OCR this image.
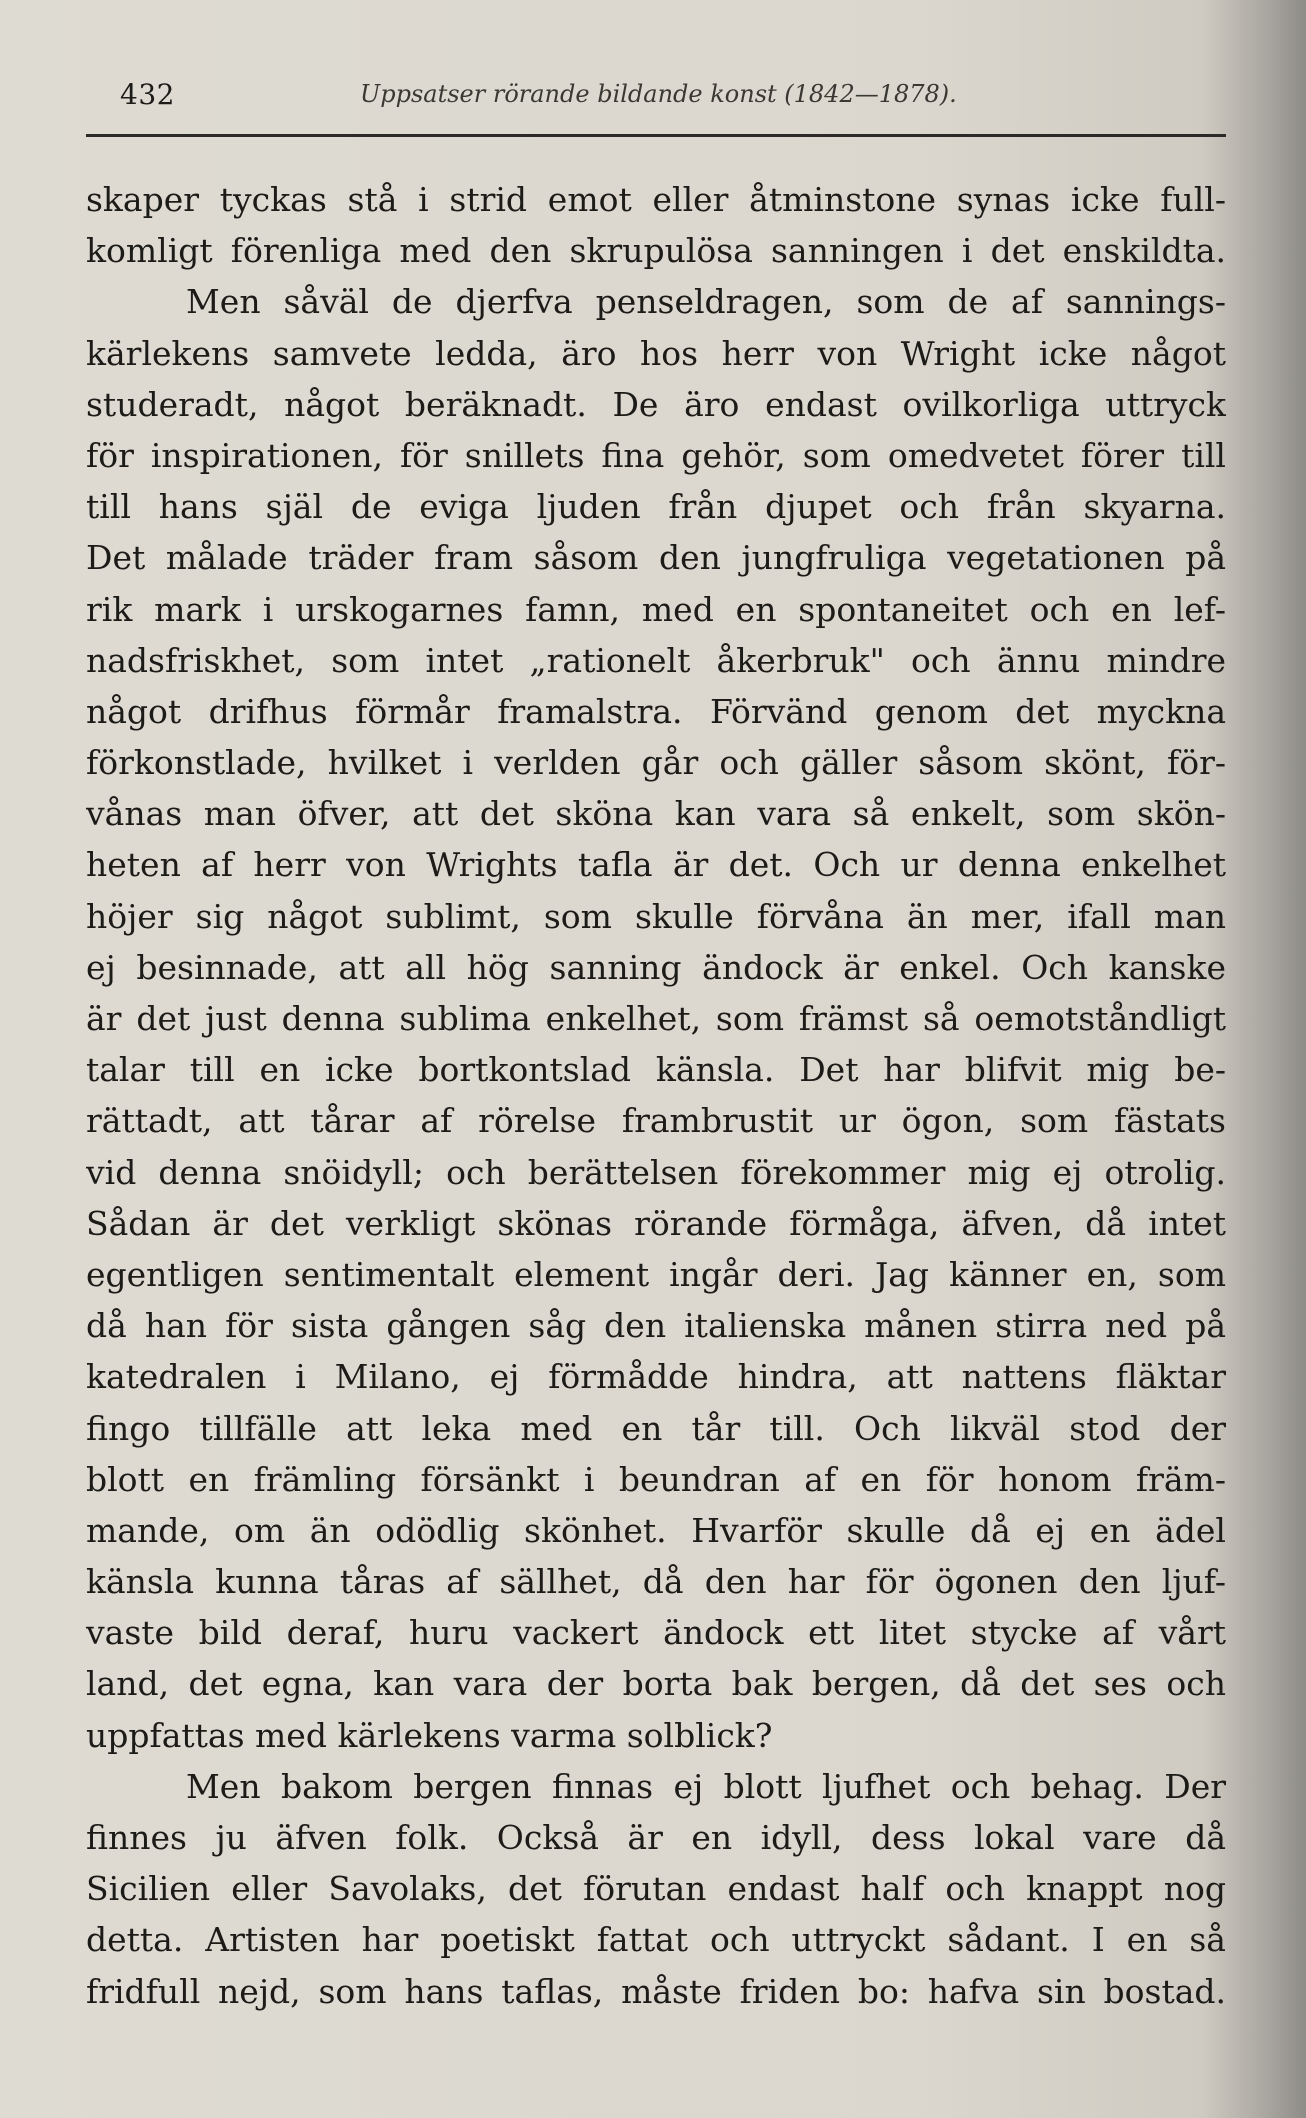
432	Uppsatser rörande bildande konst (1842—1878).
skaper tyckas stå i strid emot eller åtminstone synas icke full-
komligt förenliga med den skrupulösa sanningen i det enskildta.
Men såväl de djerfva penseldragen, som de af sannings-
kärlekens samvete ledda, äro hos herr von Wright icke något
studeradt, något beräknadt. De äro endast ovilkorliga uttryck
för inspirationen, för snillets fina gehör, som omedvetet förer till
till hans själ de eviga ljuden från djupet och från skyarna.
Det målade träder fram såsom den jungfruliga vegetationen på
rik mark i urskogarnes famn, med en spontaneitet och en lef-
nadsfriskhet, som intet „rationelt åkerbruk" och ännu mindre
något drifhus förmår framalstra. Förvänd genom det myckna
förkonstlade, hvilket i verlden går och gäller såsom skönt, för-
vånas man öfver, att det sköna kan vara så enkelt, som skön-
heten af herr von Wrights tafla är det. Och ur denna enkelhet
höjer sig något sublimt, som skulle förvåna än mer, ifall man
ej besinnade, att all hög sanning ändock är enkel. Och kanske
är det just denna sublima enkelhet, som främst så oemotståndligt
talar till en icke bortkontslad känsla. Det har blifvit mig be-
rättadt, att tårar af rörelse frambrustit ur ögon, som fästats
vid denna snöidyll; och berättelsen förekommer mig ej otrolig.
Sådan är det verkligt skönas rörande förmåga, äfven, då intet
egentligen sentimentalt element ingår deri. Jag känner en, som
då han för sista gången såg den italienska månen stirra ned på
katedralen i Milano, ej förmådde hindra, att nattens fläktar
fingo tillfälle att leka med en tår till. Och likväl stod der
blott en främling försänkt i beundran af en för honom främ-
mande, om än odödlig skönhet. Hvarför skulle då ej en ädel
känsla kunna tåras af sällhet, då den har för ögonen den ljuf-
vaste bild deraf, huru vackert ändock ett litet stycke af vårt
land, det egna, kan vara der borta bak bergen, då det ses och
uppfattas med kärlekens varma solblick?
Men bakom bergen finnas ej blott ljufhet och behag. Der
finnes ju äfven folk. Också är en idyll, dess lokal vare då
Sicilien eller Savolaks, det förutan endast half och knappt nog
detta. Artisten har poetiskt fattat och uttryckt sådant. I en så
fridfull nejd, som hans taflas, måste friden bo: hafva sin bostad.
